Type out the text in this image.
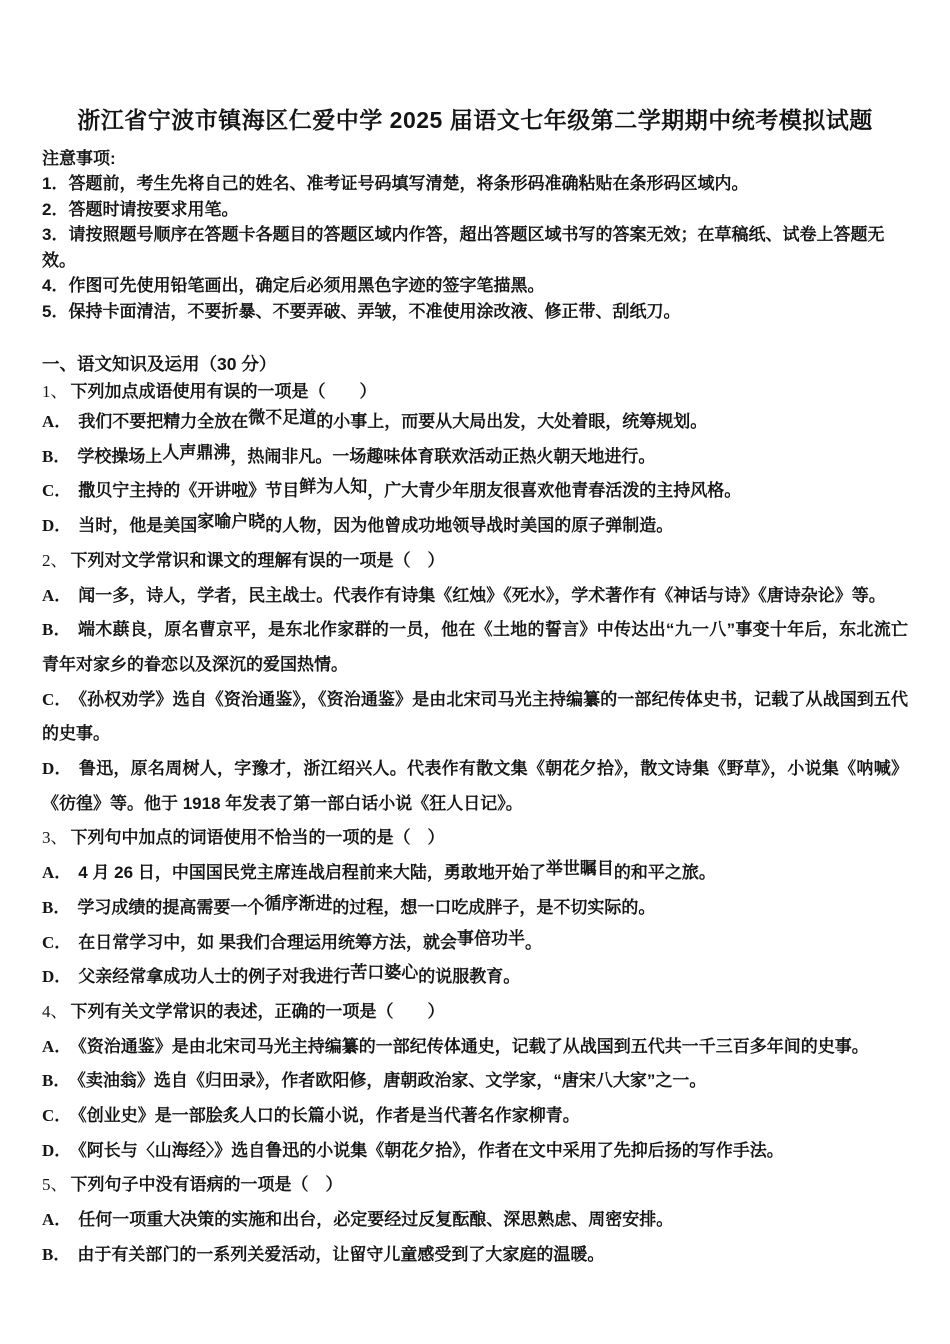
浙江省宁波市镇海区仁爱中学 2025 届语文七年级第二学期期中统考模拟试题

注意事项:

1．答题前，考生先将自己的姓名、准考证号码填写清楚，将条形码准确粘贴在条形码区域内。

2．答题时请按要求用笔。

3．请按照题号顺序在答题卡各题目的答题区域内作答，超出答题区域书写的答案无效；在草稿纸、试卷上答题无效。

4．作图可先使用铅笔画出，确定后必须用黑色字迹的签字笔描黑。

5．保持卡面清洁，不要折暴、不要弄破、弄皱，不准使用涂改液、修正带、刮纸刀。

一、语文知识及运用（30 分）

1、 下列加点成语使用有误的一项是（　　）

A． 我们不要把精力全放在微不足道的小事上，而要从大局出发，大处着眼，统筹规划。

B． 学校操场上人声鼎沸，热闹非凡。一场趣味体育联欢活动正热火朝天地进行。

C． 撒贝宁主持的《开讲啦》节目鲜为人知，广大青少年朋友很喜欢他青春活泼的主持风格。

D． 当时，他是美国家喻户晓的人物，因为他曾成功地领导战时美国的原子弹制造。

2、 下列对文学常识和课文的理解有误的一项是（　）

A． 闻一多，诗人，学者，民主战士。代表作有诗集《红烛》《死水》，学术著作有《神话与诗》《唐诗杂论》等。

B． 端木蕻良，原名曹京平，是东北作家群的一员，他在《土地的誓言》中传达出“九一八”事变十年后，东北流亡青年对家乡的眷恋以及深沉的爱国热情。

C． 《孙权劝学》选自《资治通鉴》，《资治通鉴》是由北宋司马光主持编纂的一部纪传体史书，记载了从战国到五代的史事。

D． 鲁迅，原名周树人，字豫才，浙江绍兴人。代表作有散文集《朝花夕拾》，散文诗集《野草》，小说集《呐喊》《彷徨》等。他于 1918 年发表了第一部白话小说《狂人日记》。

3、 下列句中加点的词语使用不恰当的一项的是（　）

A． 4 月 26 日，中国国民党主席连战启程前来大陆，勇敢地开始了举世瞩目的和平之旅。

B． 学习成绩的提高需要一个循序渐进的过程，想一口吃成胖子，是不切实际的。

C． 在日常学习中，如 果我们合理运用统筹方法，就会事倍功半。

D． 父亲经常拿成功人士的例子对我进行苦口婆心的说服教育。

4、 下列有关文学常识的表述，正确的一项是（　　）

A． 《资治通鉴》是由北宋司马光主持编纂的一部纪传体通史，记载了从战国到五代共一千三百多年间的史事。

B． 《卖油翁》选自《归田录》，作者欧阳修，唐朝政治家、文学家，“唐宋八大家”之一。

C． 《创业史》是一部脍炙人口的长篇小说，作者是当代著名作家柳青。

D． 《阿长与〈山海经〉》选自鲁迅的小说集《朝花夕拾》，作者在文中采用了先抑后扬的写作手法。

5、 下列句子中没有语病的一项是（　）

A． 任何一项重大决策的实施和出台，必定要经过反复酝酿、深思熟虑、周密安排。

B． 由于有关部门的一系列关爱活动，让留守儿童感受到了大家庭的温暖。
